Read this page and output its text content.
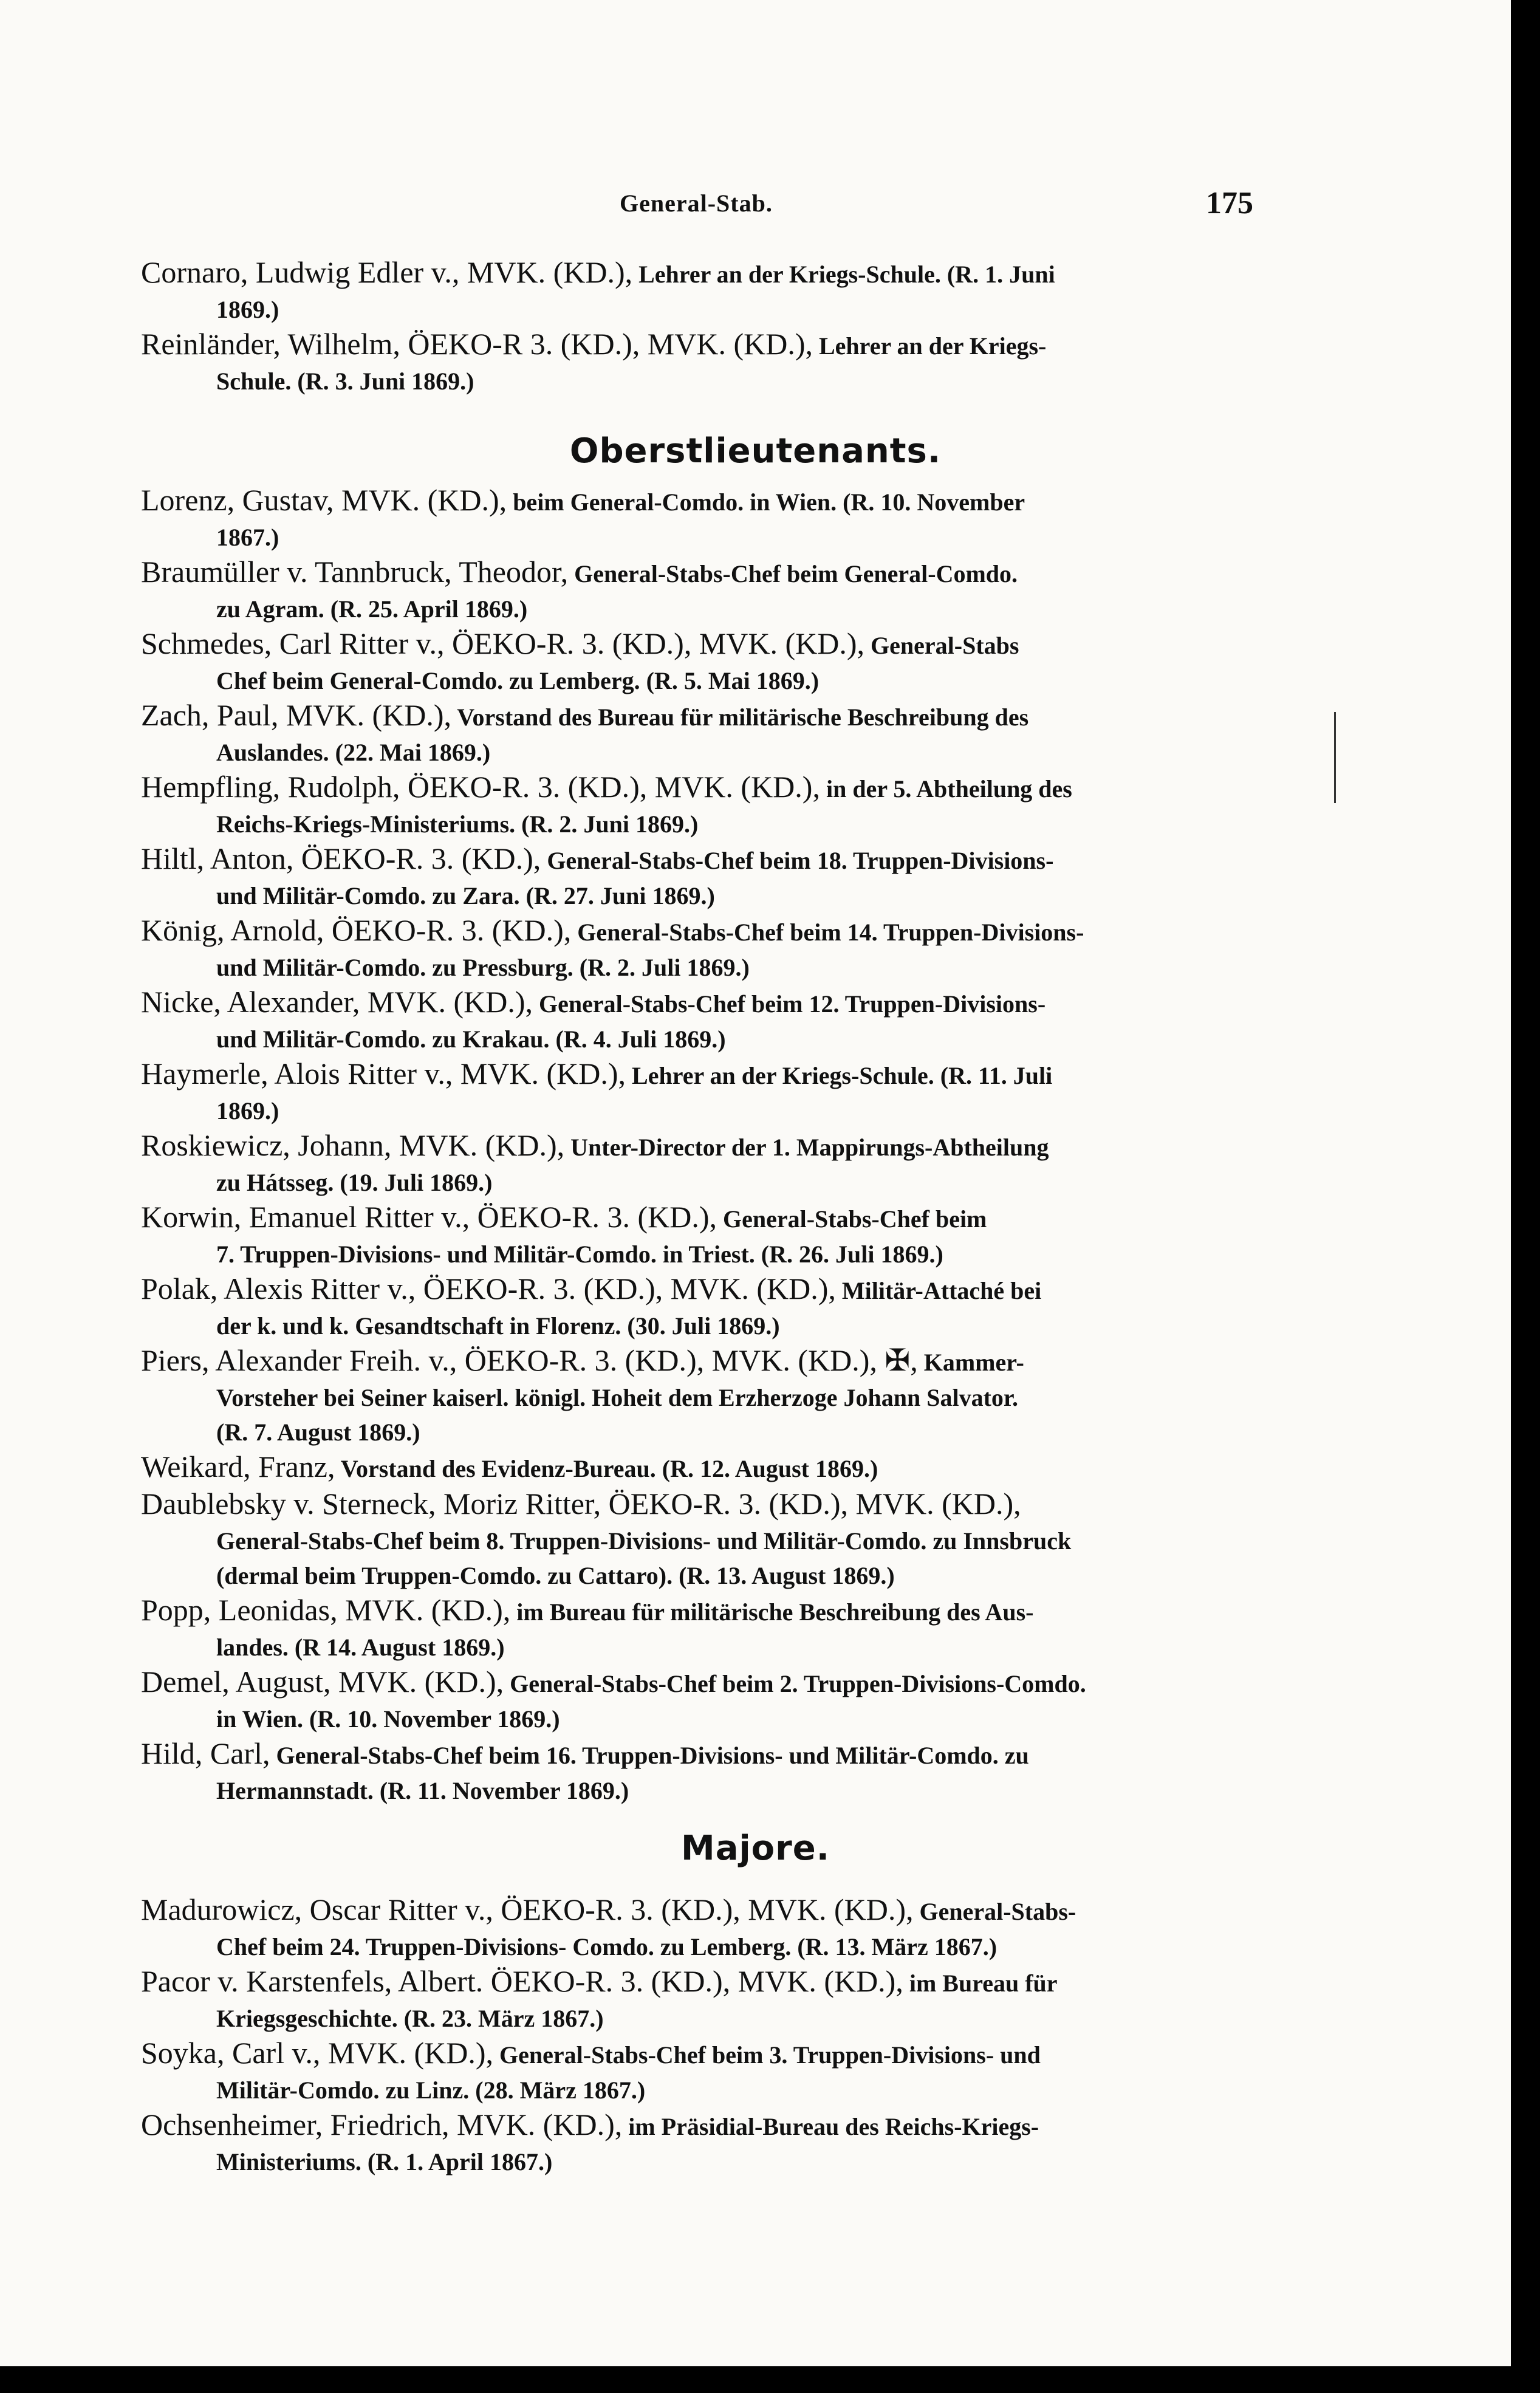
General-Stab.	175

Cornaro, Ludwig Edler v., MVK. (KD.), Lehrer an der Kriegs-Schule. (R. 1. Juni
1869.)

Reinländer, Wilhelm, ÖEKO-R 3. (KD.), MVK. (KD.), Lehrer an der Kriegs-
Schule. (R. 3. Juni 1869.)

Oberstlieutenants.

Lorenz, Gustav, MVK. (KD.), beim General-Comdo. in Wien. (R. 10. November
1867.)

Braumüller v. Tannbruck, Theodor, General-Stabs-Chef beim General-Comdo.
zu Agram. (R. 25. April 1869.)

Schmedes, Carl Ritter v., ÖEKO-R. 3. (KD.), MVK. (KD.), General-Stabs
Chef beim General-Comdo. zu Lemberg. (R. 5. Mai 1869.)

Zach, Paul, MVK. (KD.), Vorstand des Bureau für militärische Beschreibung des
Auslandes. (22. Mai 1869.)

Hempfling, Rudolph, ÖEKO-R. 3. (KD.), MVK. (KD.), in der 5. Abtheilung des
Reichs-Kriegs-Ministeriums. (R. 2. Juni 1869.)

Hiltl, Anton, ÖEKO-R. 3. (KD.), General-Stabs-Chef beim 18. Truppen-Divisions-
und Militär-Comdo. zu Zara. (R. 27. Juni 1869.)

König, Arnold, ÖEKO-R. 3. (KD.), General-Stabs-Chef beim 14. Truppen-Divisions-
und Militär-Comdo. zu Pressburg. (R. 2. Juli 1869.)

Nicke, Alexander, MVK. (KD.), General-Stabs-Chef beim 12. Truppen-Divisions-
und Militär-Comdo. zu Krakau. (R. 4. Juli 1869.)

Haymerle, Alois Ritter v., MVK. (KD.), Lehrer an der Kriegs-Schule. (R. 11. Juli
1869.)

Roskiewicz, Johann, MVK. (KD.), Unter-Director der 1. Mappirungs-Abtheilung
zu Hátsseg. (19. Juli 1869.)

Korwin, Emanuel Ritter v., ÖEKO-R. 3. (KD.), General-Stabs-Chef beim
7. Truppen-Divisions- und Militär-Comdo. in Triest. (R. 26. Juli 1869.)

Polak, Alexis Ritter v., ÖEKO-R. 3. (KD.), MVK. (KD.), Militär-Attaché bei
der k. und k. Gesandtschaft in Florenz. (30. Juli 1869.)

Piers, Alexander Freih. v., ÖEKO-R. 3. (KD.), MVK. (KD.), ✠, Kammer-
Vorsteher bei Seiner kaiserl. königl. Hoheit dem Erzherzoge Johann Salvator.
(R. 7. August 1869.)

Weikard, Franz, Vorstand des Evidenz-Bureau. (R. 12. August 1869.)

Daublebsky v. Sterneck, Moriz Ritter, ÖEKO-R. 3. (KD.), MVK. (KD.),
General-Stabs-Chef beim 8. Truppen-Divisions- und Militär-Comdo. zu Innsbruck
(dermal beim Truppen-Comdo. zu Cattaro). (R. 13. August 1869.)

Popp, Leonidas, MVK. (KD.), im Bureau für militärische Beschreibung des Aus-
landes. (R 14. August 1869.)

Demel, August, MVK. (KD.), General-Stabs-Chef beim 2. Truppen-Divisions-Comdo.
in Wien. (R. 10. November 1869.)

Hild, Carl, General-Stabs-Chef beim 16. Truppen-Divisions- und Militär-Comdo. zu
Hermannstadt. (R. 11. November 1869.)

Majore.

Madurowicz, Oscar Ritter v., ÖEKO-R. 3. (KD.), MVK. (KD.), General-Stabs-
Chef beim 24. Truppen-Divisions- Comdo. zu Lemberg. (R. 13. März 1867.)

Pacor v. Karstenfels, Albert. ÖEKO-R. 3. (KD.), MVK. (KD.), im Bureau für
Kriegsgeschichte. (R. 23. März 1867.)

Soyka, Carl v., MVK. (KD.), General-Stabs-Chef beim 3. Truppen-Divisions- und
Militär-Comdo. zu Linz. (28. März 1867.)

Ochsenheimer, Friedrich, MVK. (KD.), im Präsidial-Bureau des Reichs-Kriegs-
Ministeriums. (R. 1. April 1867.)
